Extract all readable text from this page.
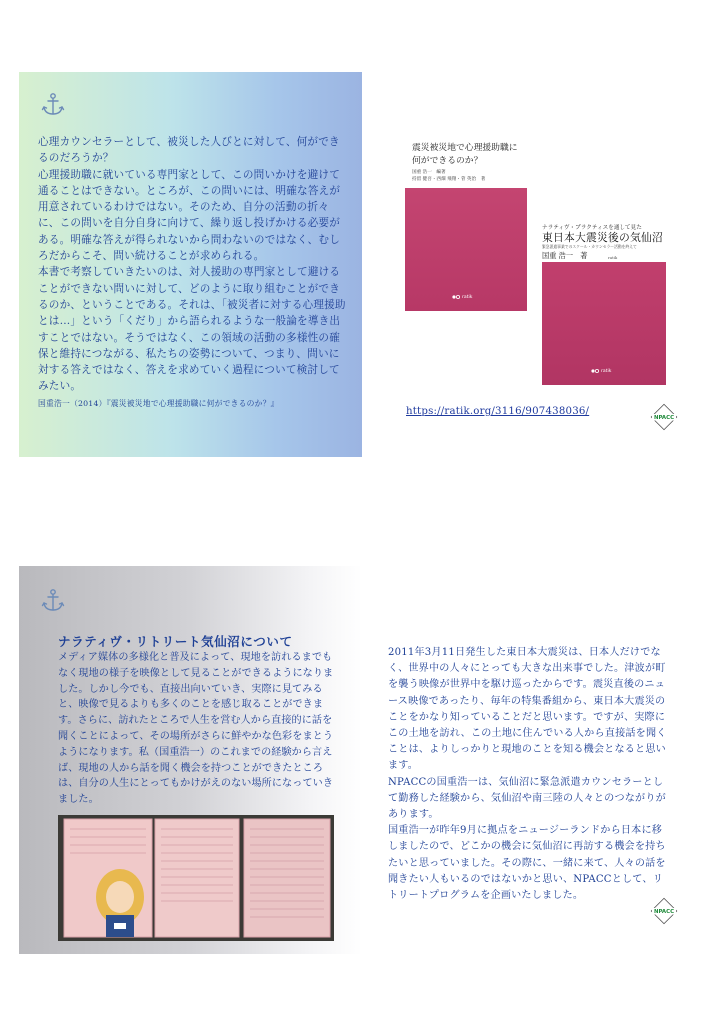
心理カウンセラーとして、被災した人びとに対して、何ができるのだろうか？

心理援助職に就いている専門家として、この問いかけを避けて通ることはできない。ところが、この問いには、明確な答えが用意されているわけではない。そのため、自分の活動の折々に、この問いを自分自身に向けて、繰り返し投げかける必要がある。明確な答えが得られないから問わないのではなく、むしろだからこそ、問い続けることが求められる。

本書で考察していきたいのは、対人援助の専門家として避けることができない問いに対して、どのように取り組むことができるのか、ということである。それは、「被災者に対する心理援助とは…」という「くだり」から語られるような一般論を導き出すことではない。そうではなく、この領域の活動の多様性の確保と維持につながる、私たちの姿勢について、つまり、問いに対する答えではなく、答えを求めていく過程について検討してみたい。

国重浩一（2014）『震災被災地で心理援助職に何ができるのか？』

震災被災地で心理援助職に
何ができるのか？
国重 浩一　編著
持留 健吾・西畑 飛翔・菅 英治　著
ratik
ナラティヴ・プラクティスを通して見た
東日本大震災後の気仙沼
緊急派遣事業でのスクール・カウンセラー活動を終えて
国重 浩一　著	ratik
ratik
https://ratik.org/3116/907438036/
NPACC
ナラティヴ・リトリート気仙沼について
メディア媒体の多様化と普及によって、現地を訪れるまでもなく現地の様子を映像として見ることができるようになりました。しかし今でも、直接出向いていき、実際に見てみると、映像で見るよりも多くのことを感じ取ることができます。さらに、訪れたところで人生を営む人から直接的に話を聞くことによって、その場所がさらに鮮やかな色彩をまとうようになります。私（国重浩一）のこれまでの経験から言えば、現地の人から話を聞く機会を持つことができたところは、自分の人生にとってもかけがえのない場所になっていきました。

2011年3月11日発生した東日本大震災は、日本人だけでなく、世界中の人々にとっても大きな出来事でした。津波が町を襲う映像が世界中を駆け巡ったからです。震災直後のニュース映像であったり、毎年の特集番組から、東日本大震災のことをかなり知っていることだと思います。ですが、実際にこの土地を訪れ、この土地に住んでいる人から直接話を聞くことは、よりしっかりと現地のことを知る機会となると思います。

NPACCの国重浩一は、気仙沼に緊急派遣カウンセラーとして勤務した経験から、気仙沼や南三陸の人々とのつながりがあります。

国重浩一が昨年9月に拠点をニュージーランドから日本に移しましたので、どこかの機会に気仙沼に再訪する機会を持ちたいと思っていました。その際に、一緒に来て、人々の話を聞きたい人もいるのではないかと思い、NPACCとして、リトリートプログラムを企画いたしました。

NPACC
